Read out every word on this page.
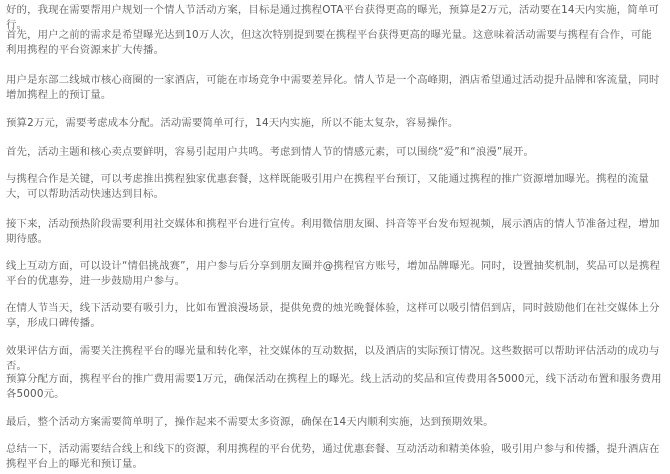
好的，我现在需要帮用户规划一个情人节活动方案，目标是通过携程OTA平台获得更高的曝光，预算是2万元，活动要在14天内实施，简单可行。

首先，用户之前的需求是希望曝光达到10万人次，但这次特别提到要在携程平台获得更高的曝光量。这意味着活动需要与携程有合作，可能利用携程的平台资源来扩大传播。

用户是东部二线城市核心商圈的一家酒店，可能在市场竞争中需要差异化。情人节是一个高峰期，酒店希望通过活动提升品牌和客流量，同时增加携程上的预订量。

预算2万元，需要考虑成本分配。活动需要简单可行，14天内实施，所以不能太复杂，容易操作。

首先，活动主题和核心卖点要鲜明，容易引起用户共鸣。考虑到情人节的情感元素，可以围绕“爱”和“浪漫”展开。

与携程合作是关键，可以考虑推出携程独家优惠套餐，这样既能吸引用户在携程平台预订，又能通过携程的推广资源增加曝光。携程的流量大，可以帮助活动快速达到目标。

接下来，活动预热阶段需要利用社交媒体和携程平台进行宣传。利用微信朋友圈、抖音等平台发布短视频，展示酒店的情人节准备过程，增加期待感。

线上互动方面，可以设计“情侣挑战赛”，用户参与后分享到朋友圈并@携程官方账号，增加品牌曝光。同时，设置抽奖机制，奖品可以是携程平台的优惠券，进一步鼓励用户参与。

在情人节当天，线下活动要有吸引力，比如布置浪漫场景，提供免费的烛光晚餐体验，这样可以吸引情侣到店，同时鼓励他们在社交媒体上分享，形成口碑传播。

效果评估方面，需要关注携程平台的曝光量和转化率，社交媒体的互动数据，以及酒店的实际预订情况。这些数据可以帮助评估活动的成功与否。

预算分配方面，携程平台的推广费用需要1万元，确保活动在携程上的曝光。线上活动的奖品和宣传费用各5000元，线下活动布置和服务费用各5000元。

最后，整个活动方案需要简单明了，操作起来不需要太多资源，确保在14天内顺利实施，达到预期效果。

总结一下，活动需要结合线上和线下的资源，利用携程的平台优势，通过优惠套餐、互动活动和精美体验，吸引用户参与和传播，提升酒店在携程平台上的曝光和预订量。
